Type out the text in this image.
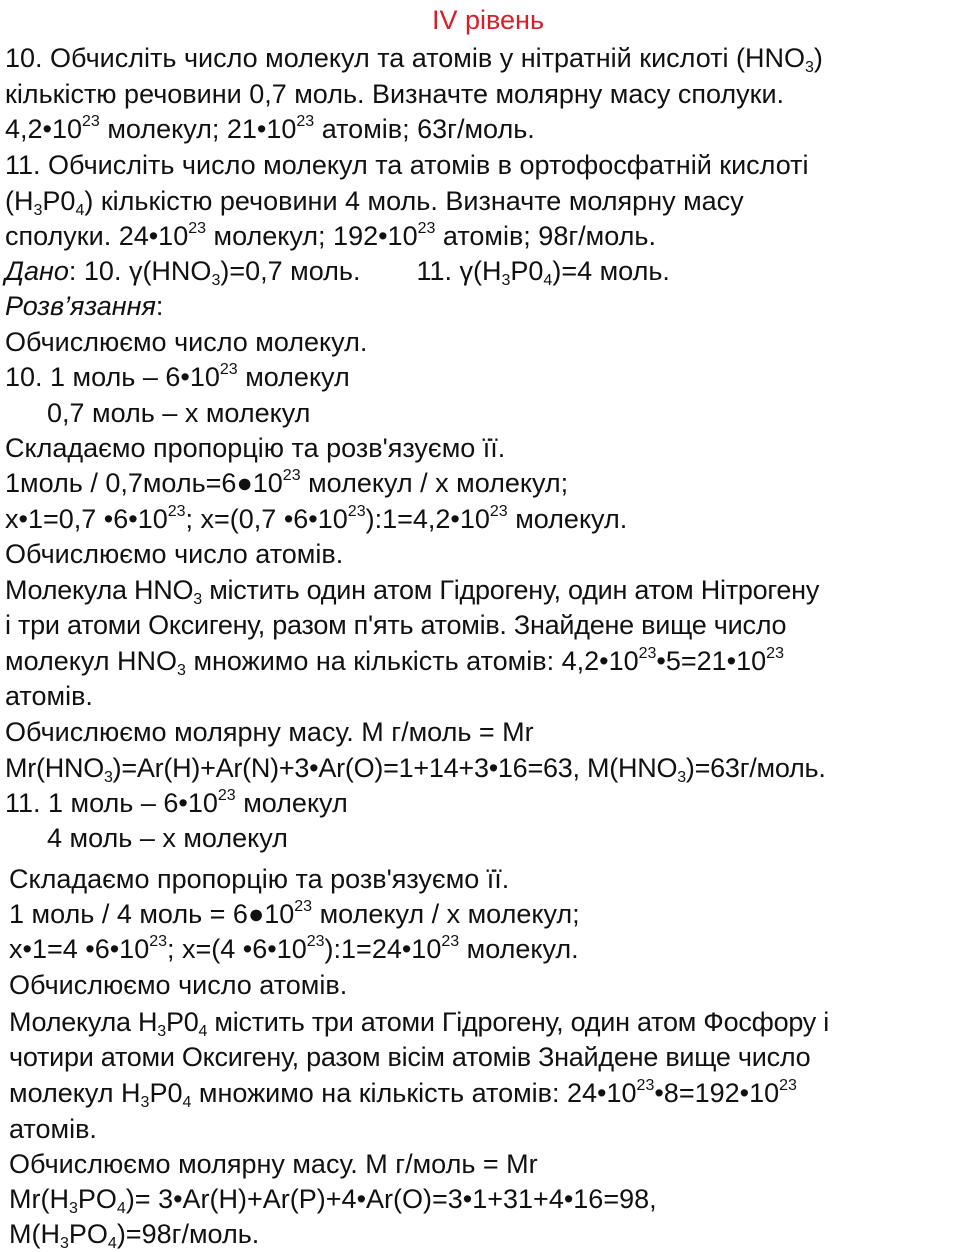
IV рівень
10. Обчисліть число молекул та атомів у нітратній кислоті $(HNO_3)$
кількістю речовини 0,7 моль. Визначте молярну масу сполуки.
$4,2•10^{23}$ молекул; $21•10^{23}$ атомів; 63г/моль.
11. Обчисліть число молекул та атомів в ортофосфатній кислоті
$(H_3P0_4)$ кількістю речовини 4 моль. Визначте молярну масу
сполуки. $24•10^{23}$ молекул; $192•10^{23}$ атомів; 98г/моль.
Дано: 10. $\gamma(HNO_3)=0,7$ моль. 11. $\gamma(H_3P0_4)=4$ моль.
Розв’язання:
Обчислюємо число молекул.
10. 1 моль – $6•10^{23}$ молекул
0,7 моль – х молекул
Складаємо пропорцію та розв'язуємо її.
1моль / $0,7моль=6●10^{23}$ молекул / х молекул;
х•1=0,7 $•6•10^{23}$; х=(0,7 $•6•10^{23}):1=4,2•10^{23}$ молекул.
Обчислюємо число атомів.
Молекула $HNO_3$ містить один атом Гідрогену, один атом Нітрогену
і три атоми Оксигену, разом п'ять атомів. Знайдене вище число
молекул $HNO_3$ множимо на кількість атомів: $4,2•10^{23}•5=21•10^{23}$
атомів.
Обчислюємо молярну масу. M г/моль = Mr
$Mr(HNO_3)=Ar(H)+Ar(N)+3•Ar(O)=1+14+3•16=63$, $M(HNO_3)=63г$/моль.
11. 1 моль – $6•10^{23}$ молекул
4 моль – х молекул
Складаємо пропорцію та розв'язуємо її.
1 моль / 4 моль = $6●10^{23}$ молекул / х молекул;
х•1=4 $•6•10^{23}$; х=(4 $•6•10^{23}):1=24•10^{23}$ молекул.
Обчислюємо число атомів.
Молекула $H_3P0_4$ містить три атоми Гідрогену, один атом Фосфору і
чотири атоми Оксигену, разом вісім атомів Знайдене вище число
молекул $H_3P0_4$ множимо на кількість атомів: $24•10^{23}•8=192•10^{23}$
атомів.
Обчислюємо молярну масу. M г/моль = Mr
$Mr(H_3PO_4)=$ 3•Ar(H)+Ar(P)+4•Ar(O)=3•1+31+4•16=98,
$M(H_3PO_4)=98г$/моль.
